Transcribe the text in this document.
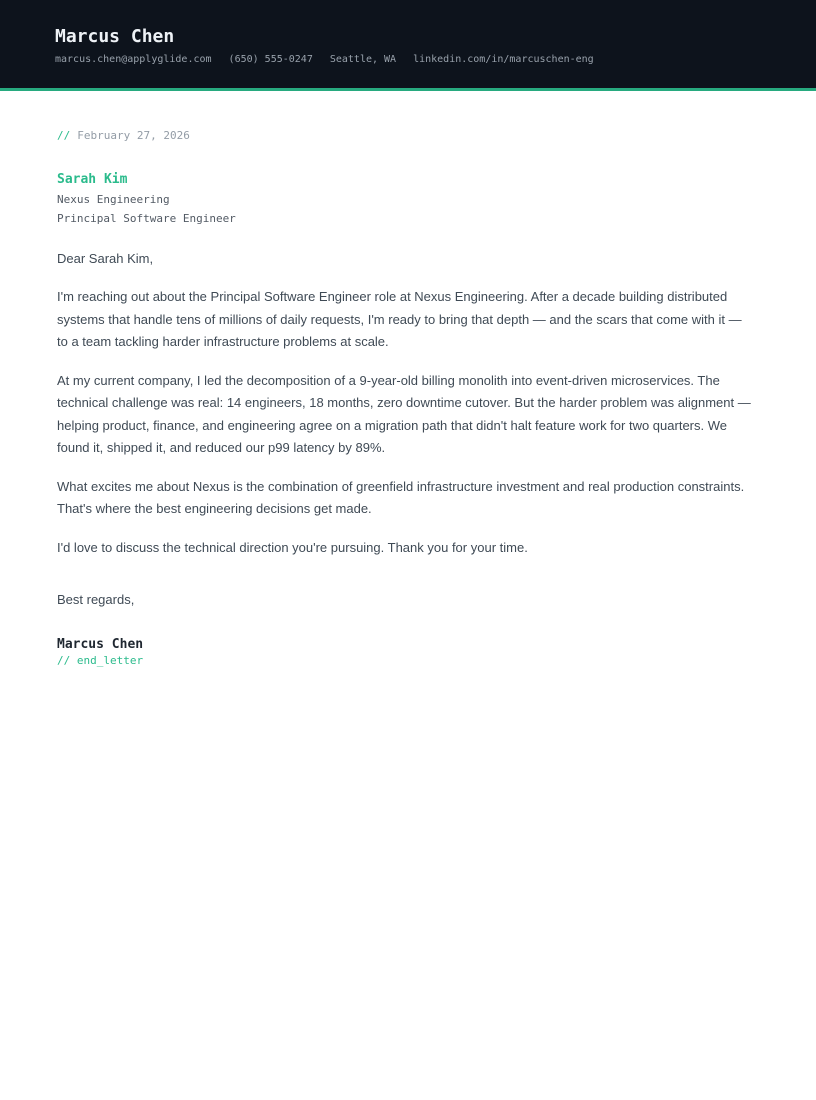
Marcus Chen
marcus.chen@applyglide.com (650) 555-0247 Seattle, WA linkedin.com/in/marcuschen-eng
// February 27, 2026
Sarah Kim
Nexus Engineering
Principal Software Engineer

Dear Sarah Kim,

I'm reaching out about the Principal Software Engineer role at Nexus Engineering. After a decade building distributed systems that handle tens of millions of daily requests, I'm ready to bring that depth — and the scars that come with it — to a team tackling harder infrastructure problems at scale.

At my current company, I led the decomposition of a 9-year-old billing monolith into event-driven microservices. The technical challenge was real: 14 engineers, 18 months, zero downtime cutover. But the harder problem was alignment — helping product, finance, and engineering agree on a migration path that didn't halt feature work for two quarters. We found it, shipped it, and reduced our p99 latency by 89%.

What excites me about Nexus is the combination of greenfield infrastructure investment and real production constraints. That's where the best engineering decisions get made.

I'd love to discuss the technical direction you're pursuing. Thank you for your time.

Best regards,

Marcus Chen
// end_letter
